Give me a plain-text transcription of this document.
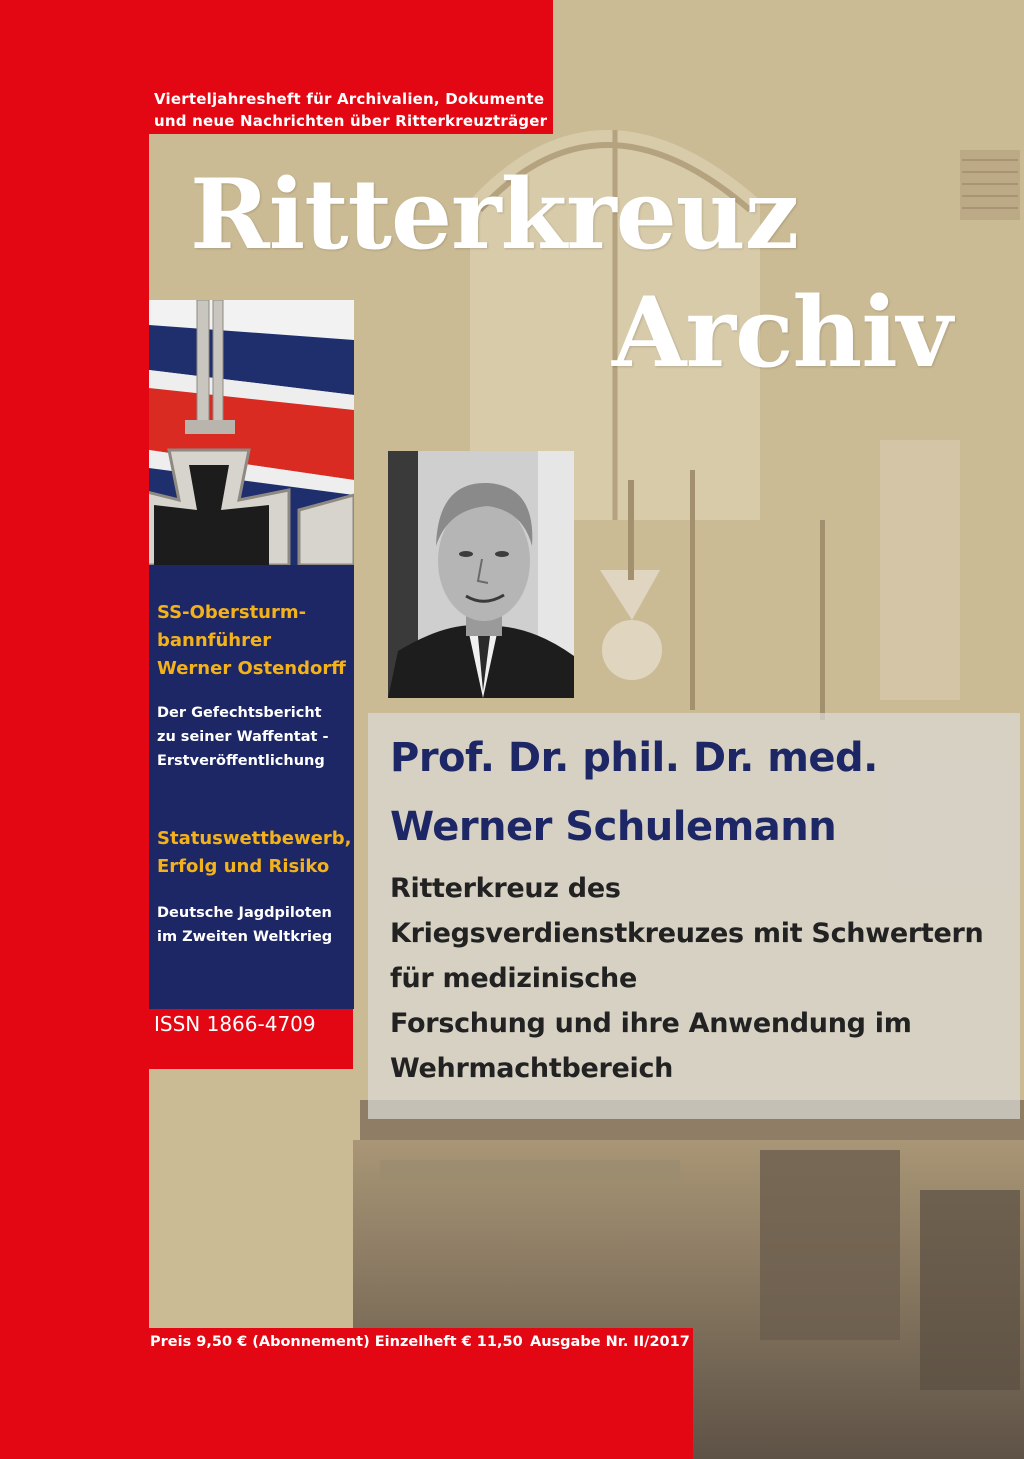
Vierteljahresheft für Archivalien, Dokumente
und neue Nachrichten über Ritterkreuzträger
Ritterkreuz
Archiv
SS-Obersturm-
bannführer
Werner Ostendorff
Der Gefechtsbericht
zu seiner Waffentat -
Erstveröffentlichung
Statuswettbewerb,
Erfolg und Risiko
Deutsche Jagdpiloten
im Zweiten Weltkrieg
ISSN 1866-4709
Prof. Dr. phil. Dr. med.
Werner Schulemann
Ritterkreuz des
Kriegsverdienstkreuzes mit Schwertern
für medizinische
Forschung und ihre Anwendung im
Wehrmachtbereich
Preis 9,50 € (Abonnement) Einzelheft € 11,50 Ausgabe Nr. II/2017
